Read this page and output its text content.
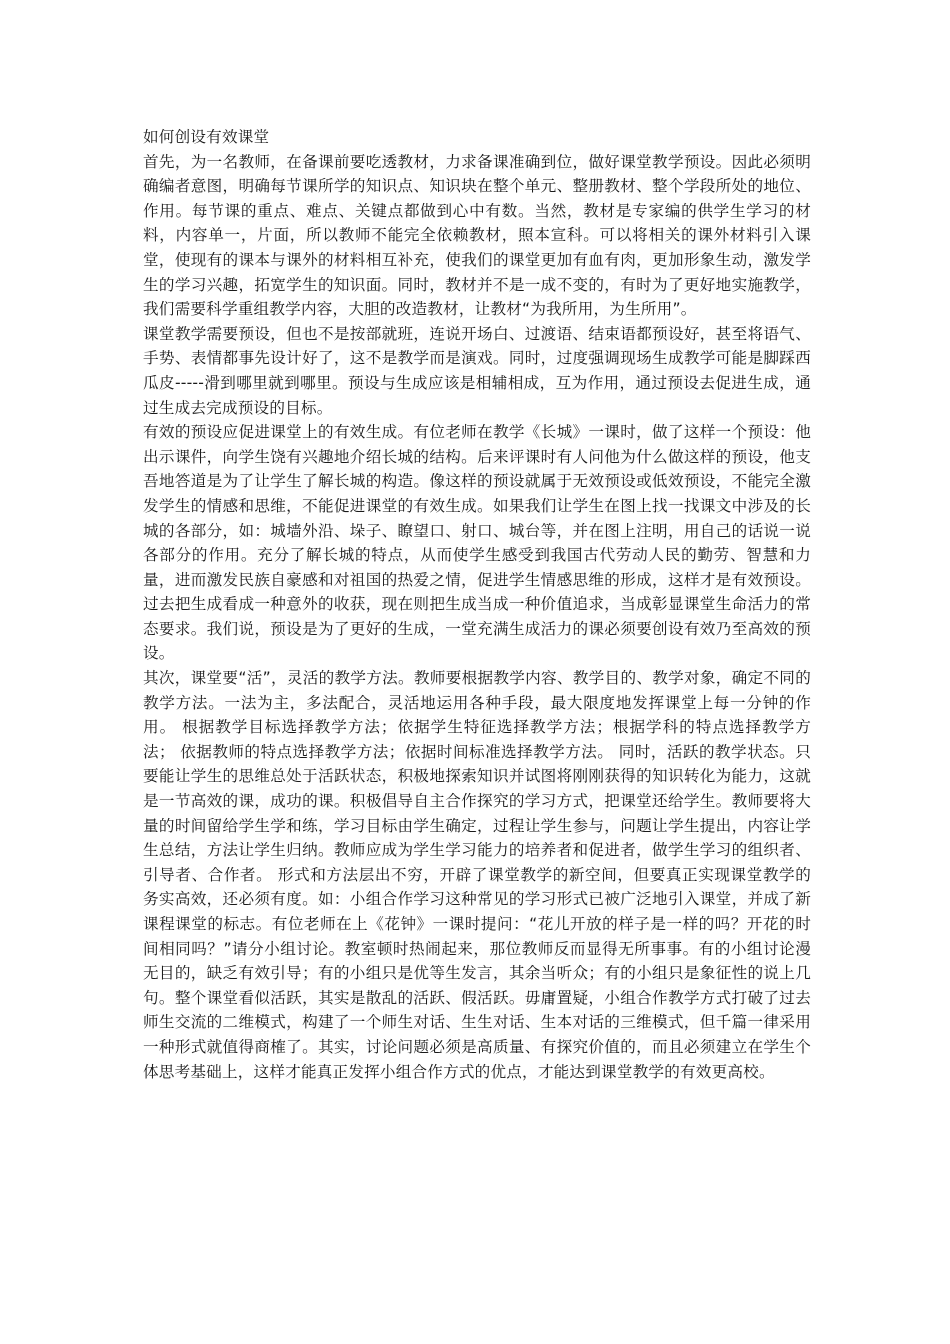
如何创设有效课堂

首先，为一名教师，在备课前要吃透教材，力求备课准确到位，做好课堂教学预设。因此必须明确编者意图，明确每节课所学的知识点、知识块在整个单元、整册教材、整个学段所处的地位、作用。每节课的重点、难点、关键点都做到心中有数。当然，教材是专家编的供学生学习的材料，内容单一，片面，所以教师不能完全依赖教材，照本宣科。可以将相关的课外材料引入课堂，使现有的课本与课外的材料相互补充，使我们的课堂更加有血有肉，更加形象生动，激发学生的学习兴趣，拓宽学生的知识面。同时，教材并不是一成不变的，有时为了更好地实施教学，我们需要科学重组教学内容，大胆的改造教材，让教材“为我所用，为生所用”。

课堂教学需要预设，但也不是按部就班，连说开场白、过渡语、结束语都预设好，甚至将语气、手势、表情都事先设计好了，这不是教学而是演戏。同时，过度强调现场生成教学可能是脚踩西瓜皮-----滑到哪里就到哪里。预设与生成应该是相辅相成，互为作用，通过预设去促进生成，通过生成去完成预设的目标。

有效的预设应促进课堂上的有效生成。有位老师在教学《长城》一课时，做了这样一个预设：他出示课件，向学生饶有兴趣地介绍长城的结构。后来评课时有人问他为什么做这样的预设，他支吾地答道是为了让学生了解长城的构造。像这样的预设就属于无效预设或低效预设，不能完全激发学生的情感和思维，不能促进课堂的有效生成。如果我们让学生在图上找一找课文中涉及的长城的各部分，如：城墙外沿、垛子、瞭望口、射口、城台等，并在图上注明，用自己的话说一说各部分的作用。充分了解长城的特点，从而使学生感受到我国古代劳动人民的勤劳、智慧和力量，进而激发民族自豪感和对祖国的热爱之情，促进学生情感思维的形成，这样才是有效预设。 过去把生成看成一种意外的收获，现在则把生成当成一种价值追求，当成彰显课堂生命活力的常态要求。我们说，预设是为了更好的生成，一堂充满生成活力的课必须要创设有效乃至高效的预设。

其次，课堂要“活”，灵活的教学方法。教师要根据教学内容、教学目的、教学对象，确定不同的教学方法。一法为主，多法配合，灵活地运用各种手段，最大限度地发挥课堂上每一分钟的作用。 根据教学目标选择教学方法；依据学生特征选择教学方法；根据学科的特点选择教学方法； 依据教师的特点选择教学方法；依据时间标准选择教学方法。 同时，活跃的教学状态。只要能让学生的思维总处于活跃状态，积极地探索知识并试图将刚刚获得的知识转化为能力，这就是一节高效的课，成功的课。积极倡导自主合作探究的学习方式，把课堂还给学生。教师要将大量的时间留给学生学和练，学习目标由学生确定，过程让学生参与，问题让学生提出，内容让学生总结，方法让学生归纳。教师应成为学生学习能力的培养者和促进者，做学生学习的组织者、引导者、合作者。 形式和方法层出不穷，开辟了课堂教学的新空间，但要真正实现课堂教学的务实高效，还必须有度。如：小组合作学习这种常见的学习形式已被广泛地引入课堂，并成了新课程课堂的标志。有位老师在上《花钟》一课时提问：“花儿开放的样子是一样的吗？开花的时间相同吗？”请分小组讨论。教室顿时热闹起来，那位教师反而显得无所事事。有的小组讨论漫无目的，缺乏有效引导；有的小组只是优等生发言，其余当听众；有的小组只是象征性的说上几句。整个课堂看似活跃，其实是散乱的活跃、假活跃。毋庸置疑，小组合作教学方式打破了过去师生交流的二维模式，构建了一个师生对话、生生对话、生本对话的三维模式，但千篇一律采用一种形式就值得商榷了。其实，讨论问题必须是高质量、有探究价值的，而且必须建立在学生个体思考基础上，这样才能真正发挥小组合作方式的优点，才能达到课堂教学的有效更高校。
